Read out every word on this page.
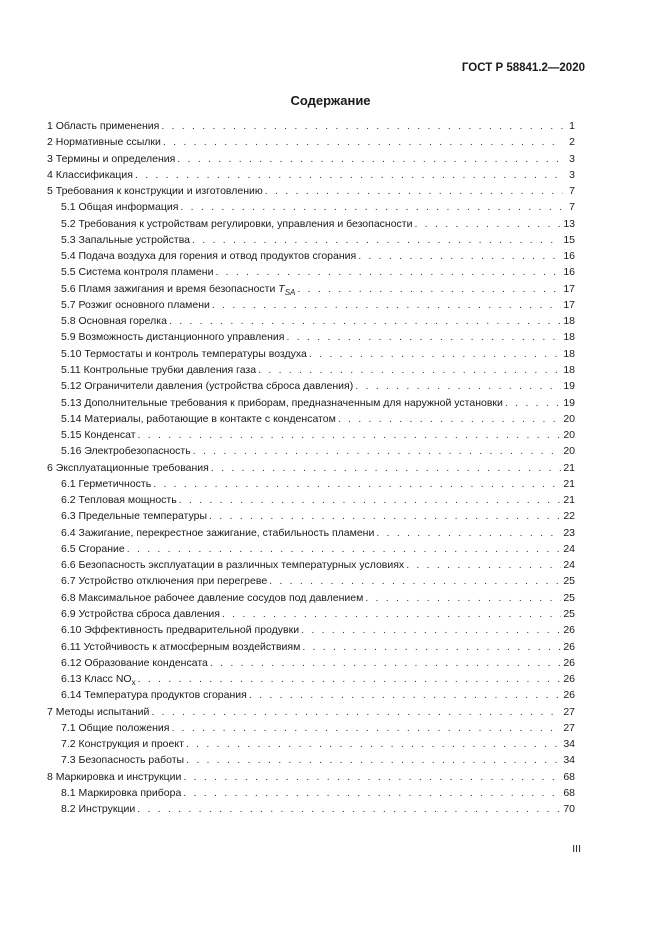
ГОСТ Р 58841.2—2020
Содержание
1 Область применения . . .	1
2 Нормативные ссылки . . .	2
3 Термины и определения . . .	3
4 Классификация . . .	3
5 Требования к конструкции и изготовлению . . .	7
5.1 Общая информация . . .	7
5.2 Требования к устройствам регулировки, управления и безопасности . . .	13
5.3 Запальные устройства . . .	15
5.4 Подача воздуха для горения и отвод продуктов сгорания . . .	16
5.5 Система контроля пламени . . .	16
5.6 Пламя зажигания и время безопасности $T_{SA}$ . . .	17
5.7 Розжиг основного пламени . . .	17
5.8 Основная горелка . . .	18
5.9 Возможность дистанционного управления . . .	18
5.10 Термостаты и контроль температуры воздуха . . .	18
5.11 Контрольные трубки давления газа . . .	18
5.12 Ограничители давления (устройства сброса давления) . . .	19
5.13 Дополнительные требования к приборам, предназначенным для наружной установки . . .	19
5.14 Материалы, работающие в контакте с конденсатом . . .	20
5.15 Конденсат . . .	20
5.16 Электробезопасность . . .	20
6 Эксплуатационные требования . . .	21
6.1 Герметичность . . .	21
6.2 Тепловая мощность . . .	21
6.3 Предельные температуры . . .	22
6.4 Зажигание, перекрестное зажигание, стабильность пламени . . .	23
6.5 Сгорание . . .	24
6.6 Безопасность эксплуатации в различных температурных условиях . . .	24
6.7 Устройство отключения при перегреве . . .	25
6.8 Максимальное рабочее давление сосудов под давлением . . .	25
6.9 Устройства сброса давления . . .	25
6.10 Эффективность предварительной продувки . . .	26
6.11 Устойчивость к атмосферным воздействиям . . .	26
6.12 Образование конденсата . . .	26
6.13 Класс $NO_x$ . . .	26
6.14 Температура продуктов сгорания . . .	26
7 Методы испытаний . . .	27
7.1 Общие положения . . .	27
7.2 Конструкция и проект . . .	34
7.3 Безопасность работы . . .	34
8 Маркировка и инструкции . . .	68
8.1 Маркировка прибора . . .	68
8.2 Инструкции . . .	70
III
